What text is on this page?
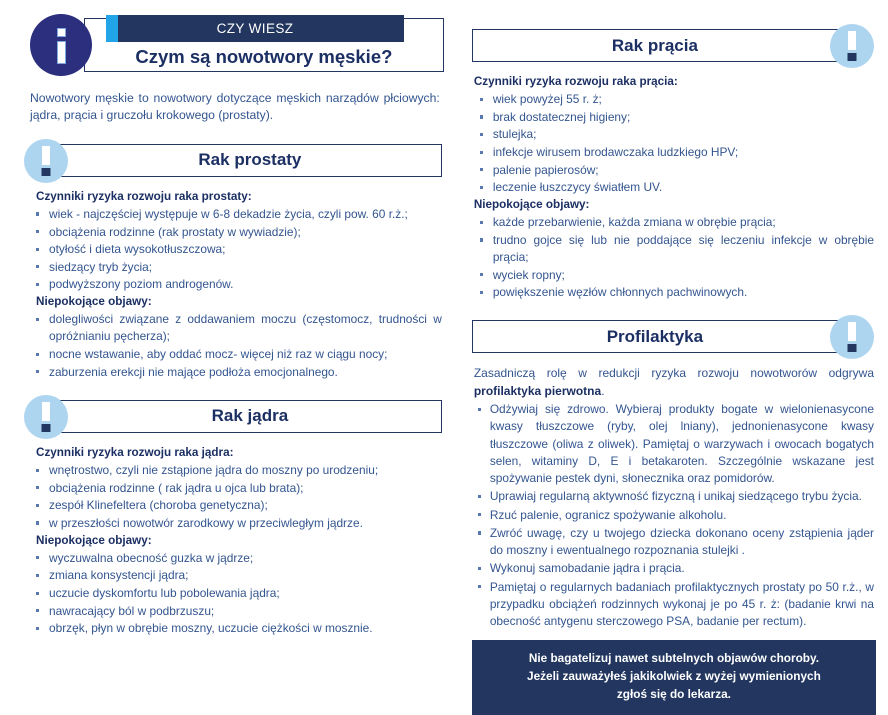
CZY WIESZ
Czym są nowotwory męskie?

Nowotwory męskie to nowotwory dotyczące męskich narządów płciowych: jądra, prącia i gruczołu krokowego (prostaty).

Rak prostaty
Czynniki ryzyka rozwoju raka prostaty:
wiek - najczęściej występuje w 6-8 dekadzie życia, czyli pow. 60 r.ż.;
obciążenia rodzinne (rak prostaty w wywiadzie);
otyłość i dieta wysokotłuszczowa;
siedzący tryb życia;
podwyższony poziom androgenów.
Niepokojące objawy:
dolegliwości związane z oddawaniem moczu (częstomocz, trudności w opróżnianiu pęcherza);
nocne wstawanie, aby oddać mocz- więcej niż raz w ciągu nocy;
zaburzenia erekcji nie mające podłoża emocjonalnego.
Rak jądra
Czynniki ryzyka rozwoju raka jądra:
wnętrostwo, czyli nie zstąpione jądra do moszny po urodzeniu;
obciążenia rodzinne ( rak jądra u ojca lub brata);
zespół Klinefeltera (choroba genetyczna);
w przeszłości nowotwór zarodkowy w przeciwległym jądrze.
Niepokojące objawy:
wyczuwalna obecność guzka w jądrze;
zmiana konsystencji jądra;
uczucie dyskomfortu lub pobolewania jądra;
nawracający ból w podbrzuszu;
obrzęk, płyn w obrębie moszny, uczucie ciężkości w mosznie.
Rak prącia
Czynniki ryzyka rozwoju raka prącia:
wiek powyżej 55 r. ż;
brak dostatecznej higieny;
stulejka;
infekcje wirusem brodawczaka ludzkiego HPV;
palenie papierosów;
leczenie łuszczycy światłem UV.
Niepokojące objawy:
każde przebarwienie, każda zmiana w obrębie prącia;
trudno gojce się lub nie poddające się leczeniu infekcje w obrębie prącia;
wyciek ropny;
powiększenie węzłów chłonnych pachwinowych.
Profilaktyka

Zasadniczą rolę w redukcji ryzyka rozwoju nowotworów odgrywa profilaktyka pierwotna.

Odżywiaj się zdrowo. Wybieraj produkty bogate w wielonienasycone kwasy tłuszczowe (ryby, olej lniany), jednonienasycone kwasy tłuszczowe (oliwa z oliwek). Pamiętaj o warzywach i owocach bogatych selen, witaminy D, E i betakaroten. Szczególnie wskazane jest spożywanie pestek dyni, słonecznika oraz pomidorów.
Uprawiaj regularną aktywność fizyczną i unikaj siedzącego trybu życia.
Rzuć palenie, ogranicz spożywanie alkoholu.
Zwróć uwagę, czy u twojego dziecka dokonano oceny zstąpienia jąder do moszny i ewentualnego rozpoznania stulejki .
Wykonuj samobadanie jądra i prącia.
Pamiętaj o regularnych badaniach profilaktycznych prostaty po 50 r.ż., w przypadku obciążeń rodzinnych wykonaj je po 45 r. ż: (badanie krwi na obecność antygenu sterczowego PSA, badanie per rectum).
Nie bagatelizuj nawet subtelnych objawów choroby.
Jeżeli zauważyłeś jakikolwiek z wyżej wymienionych
zgłoś się do lekarza.
